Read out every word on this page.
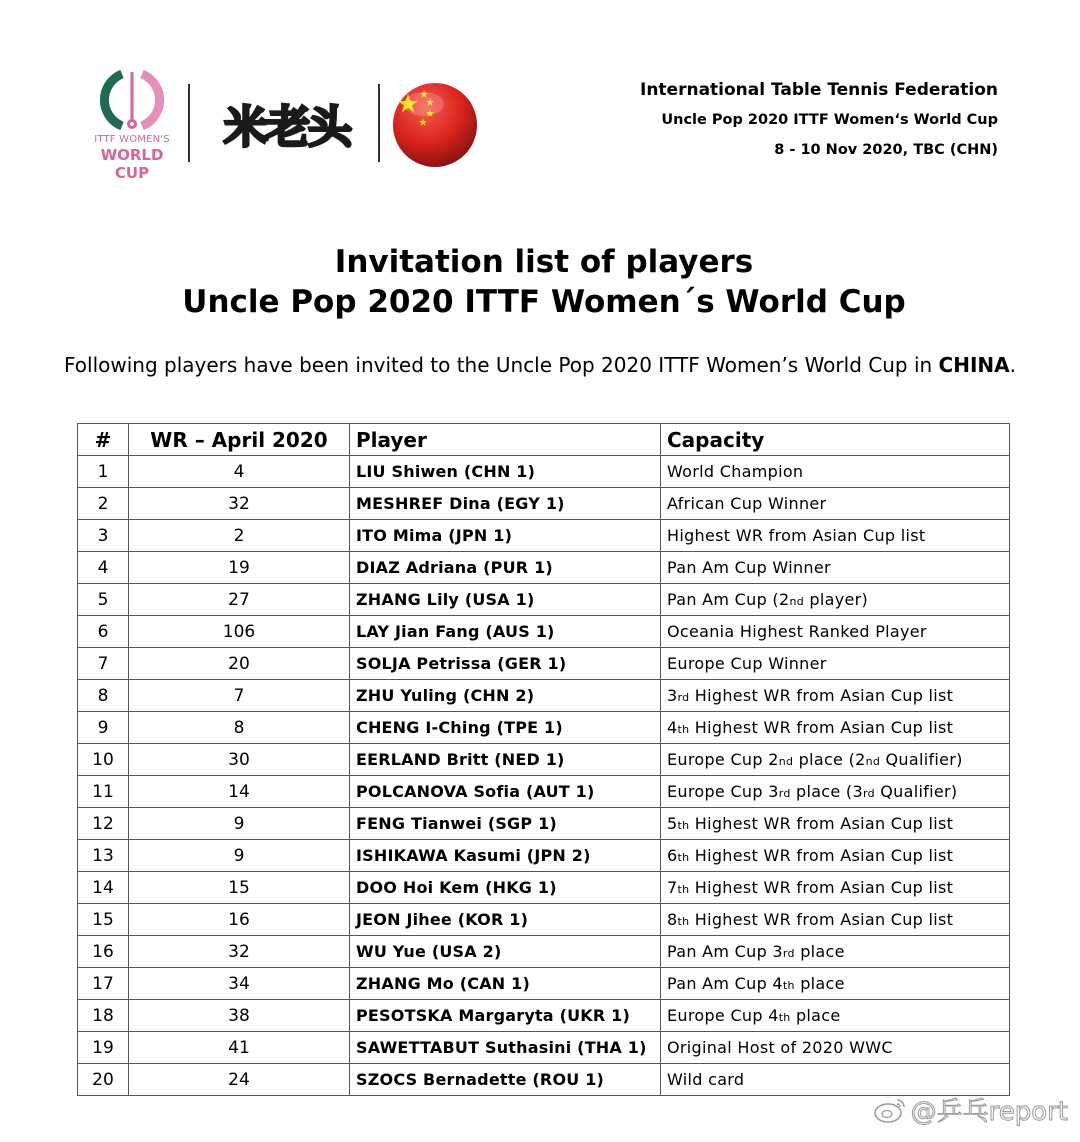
ITTF WOMEN'S
WORLD CUP
米老头
International Table Tennis Federation
Uncle Pop 2020 ITTF Women‘s World Cup
8 - 10 Nov 2020, TBC (CHN)
Invitation list of players
Uncle Pop 2020 ITTF Women´s World Cup
Following players have been invited to the Uncle Pop 2020 ITTF Women’s World Cup in CHINA.
#	WR – April 2020	Player	Capacity
1	4	LIU Shiwen (CHN 1)	World Champion
2	32	MESHREF Dina (EGY 1)	African Cup Winner
3	2	ITO Mima (JPN 1)	Highest WR from Asian Cup list
4	19	DIAZ Adriana (PUR 1)	Pan Am Cup Winner
5	27	ZHANG Lily (USA 1)	Pan Am Cup (2nd player)
6	106	LAY Jian Fang (AUS 1)	Oceania Highest Ranked Player
7	20	SOLJA Petrissa (GER 1)	Europe Cup Winner
8	7	ZHU Yuling (CHN 2)	3rd Highest WR from Asian Cup list
9	8	CHENG I-Ching (TPE 1)	4th Highest WR from Asian Cup list
10	30	EERLAND Britt (NED 1)	Europe Cup 2nd place (2nd Qualifier)
11	14	POLCANOVA Sofia (AUT 1)	Europe Cup 3rd place (3rd Qualifier)
12	9	FENG Tianwei (SGP 1)	5th Highest WR from Asian Cup list
13	9	ISHIKAWA Kasumi (JPN 2)	6th Highest WR from Asian Cup list
14	15	DOO Hoi Kem (HKG 1)	7th Highest WR from Asian Cup list
15	16	JEON Jihee (KOR 1)	8th Highest WR from Asian Cup list
16	32	WU Yue (USA 2)	Pan Am Cup 3rd place
17	34	ZHANG Mo (CAN 1)	Pan Am Cup 4th place
18	38	PESOTSKA Margaryta (UKR 1)	Europe Cup 4th place
19	41	SAWETTABUT Suthasini (THA 1)	Original Host of 2020 WWC
20	24	SZOCS Bernadette (ROU 1)	Wild card
@乒乓report
